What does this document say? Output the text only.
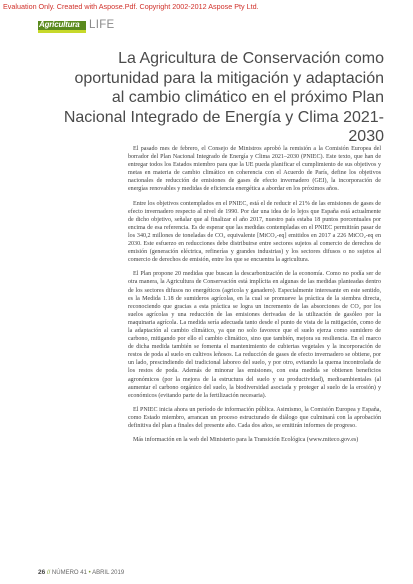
Evaluation Only. Created with Aspose.Pdf. Copyright 2002-2012 Aspose Pty Ltd.
Agricultura LIFE
La Agricultura de Conservación como oportunidad para la mitigación y adaptación al cambio climático en el próximo Plan Nacional Integrado de Energía y Clima 2021-2030

El pasado mes de febrero, el Consejo de Ministros aprobó la remisión a la Comisión Europea del borrador del Plan Nacional Integrado de Energía y Clima 2021–2030 (PNIEC). Este texto, que han de entregar todos los Estados miembro para que la UE pueda planificar el cumplimiento de sus objetivos y metas en materia de cambio climático en coherencia con el Acuerdo de París, define los objetivos nacionales de reducción de emisiones de gases de efecto invernadero (GEI), la incorporación de energías renovables y medidas de eficiencia energética a abordar en los próximos años.

Entre los objetivos contemplados en el PNIEC, está el de reducir el 21% de las emisiones de gases de efecto invernadero respecto al nivel de 1990. Por dar una idea de lo lejos que España está actualmente de dicho objetivo, señalar que al finalizar el año 2017, nuestro país estaba 18 puntos porcentuales por encima de esa referencia. Es de esperar que las medidas contempladas en el PNIEC permitirán pasar de los 340,2 millones de toneladas de CO₂ equivalente [MtCO₂-eq] emitidos en 2017 a 226 MtCO₂-eq en 2030. Este esfuerzo en reducciones debe distribuirse entre sectores sujetos al comercio de derechos de emisión (generación eléctrica, refinerías y grandes industrias) y los sectores difusos o no sujetos al comercio de derechos de emisión, entre los que se encuentra la agricultura.

El Plan propone 20 medidas que buscan la descarbonización de la economía. Como no podía ser de otra manera, la Agricultura de Conservación está implícita en algunas de las medidas planteadas dentro de los sectores difusos no energéticos (agricola y ganadero). Especialmente interesante en este sentido, es la Medida 1.18 de sumideros agrícolas, en la cual se promueve la práctica de la siembra directa, reconociendo que gracias a esta práctica se logra un incremento de las absorciones de CO₂ por los suelos agrícolas y una reducción de las emisiones derivadas de la utilización de gasóleo por la maquinaria agrícola. La medida sería adecuada tanto desde el punto de vista de la mitigación, como de la adaptación al cambio climático, ya que no solo favorece que el suelo ejerza como sumidero de carbono, mitigando por ello el cambio climático, sino que también, mejora su resiliencia. En el marco de dicha medida también se fomenta el mantenimiento de cubiertas vegetales y la incorporación de restos de poda al suelo en cultivos leñosos. La reducción de gases de efecto invernadero se obtiene, por un lado, prescindiendo del tradicional laboreo del suelo, y por otro, evitando la quema incontrolada de los restos de poda. Además de minorar las emisiones, con esta medida se obtienen beneficios agronómicos (por la mejora de la estructura del suelo y su productividad), medioambientales (al aumentar el carbono orgánico del suelo, la biodiversidad asociada y proteger al suelo de la erosión) y económicos (evitando parte de la fertilización necesaria).

El PNIEC inicia ahora un período de información pública. Asimismo, la Comisión Europea y España, como Estado miembro, arrancan un proceso estructurado de diálogo que culminará con la aprobación definitiva del plan a finales del presente año. Cada dos años, se emitirán informes de progreso.

Más información en la web del Ministerio para la Transición Ecológica (www.miteco.gov.es)

26 // NÚMERO 41 • ABRIL 2019
